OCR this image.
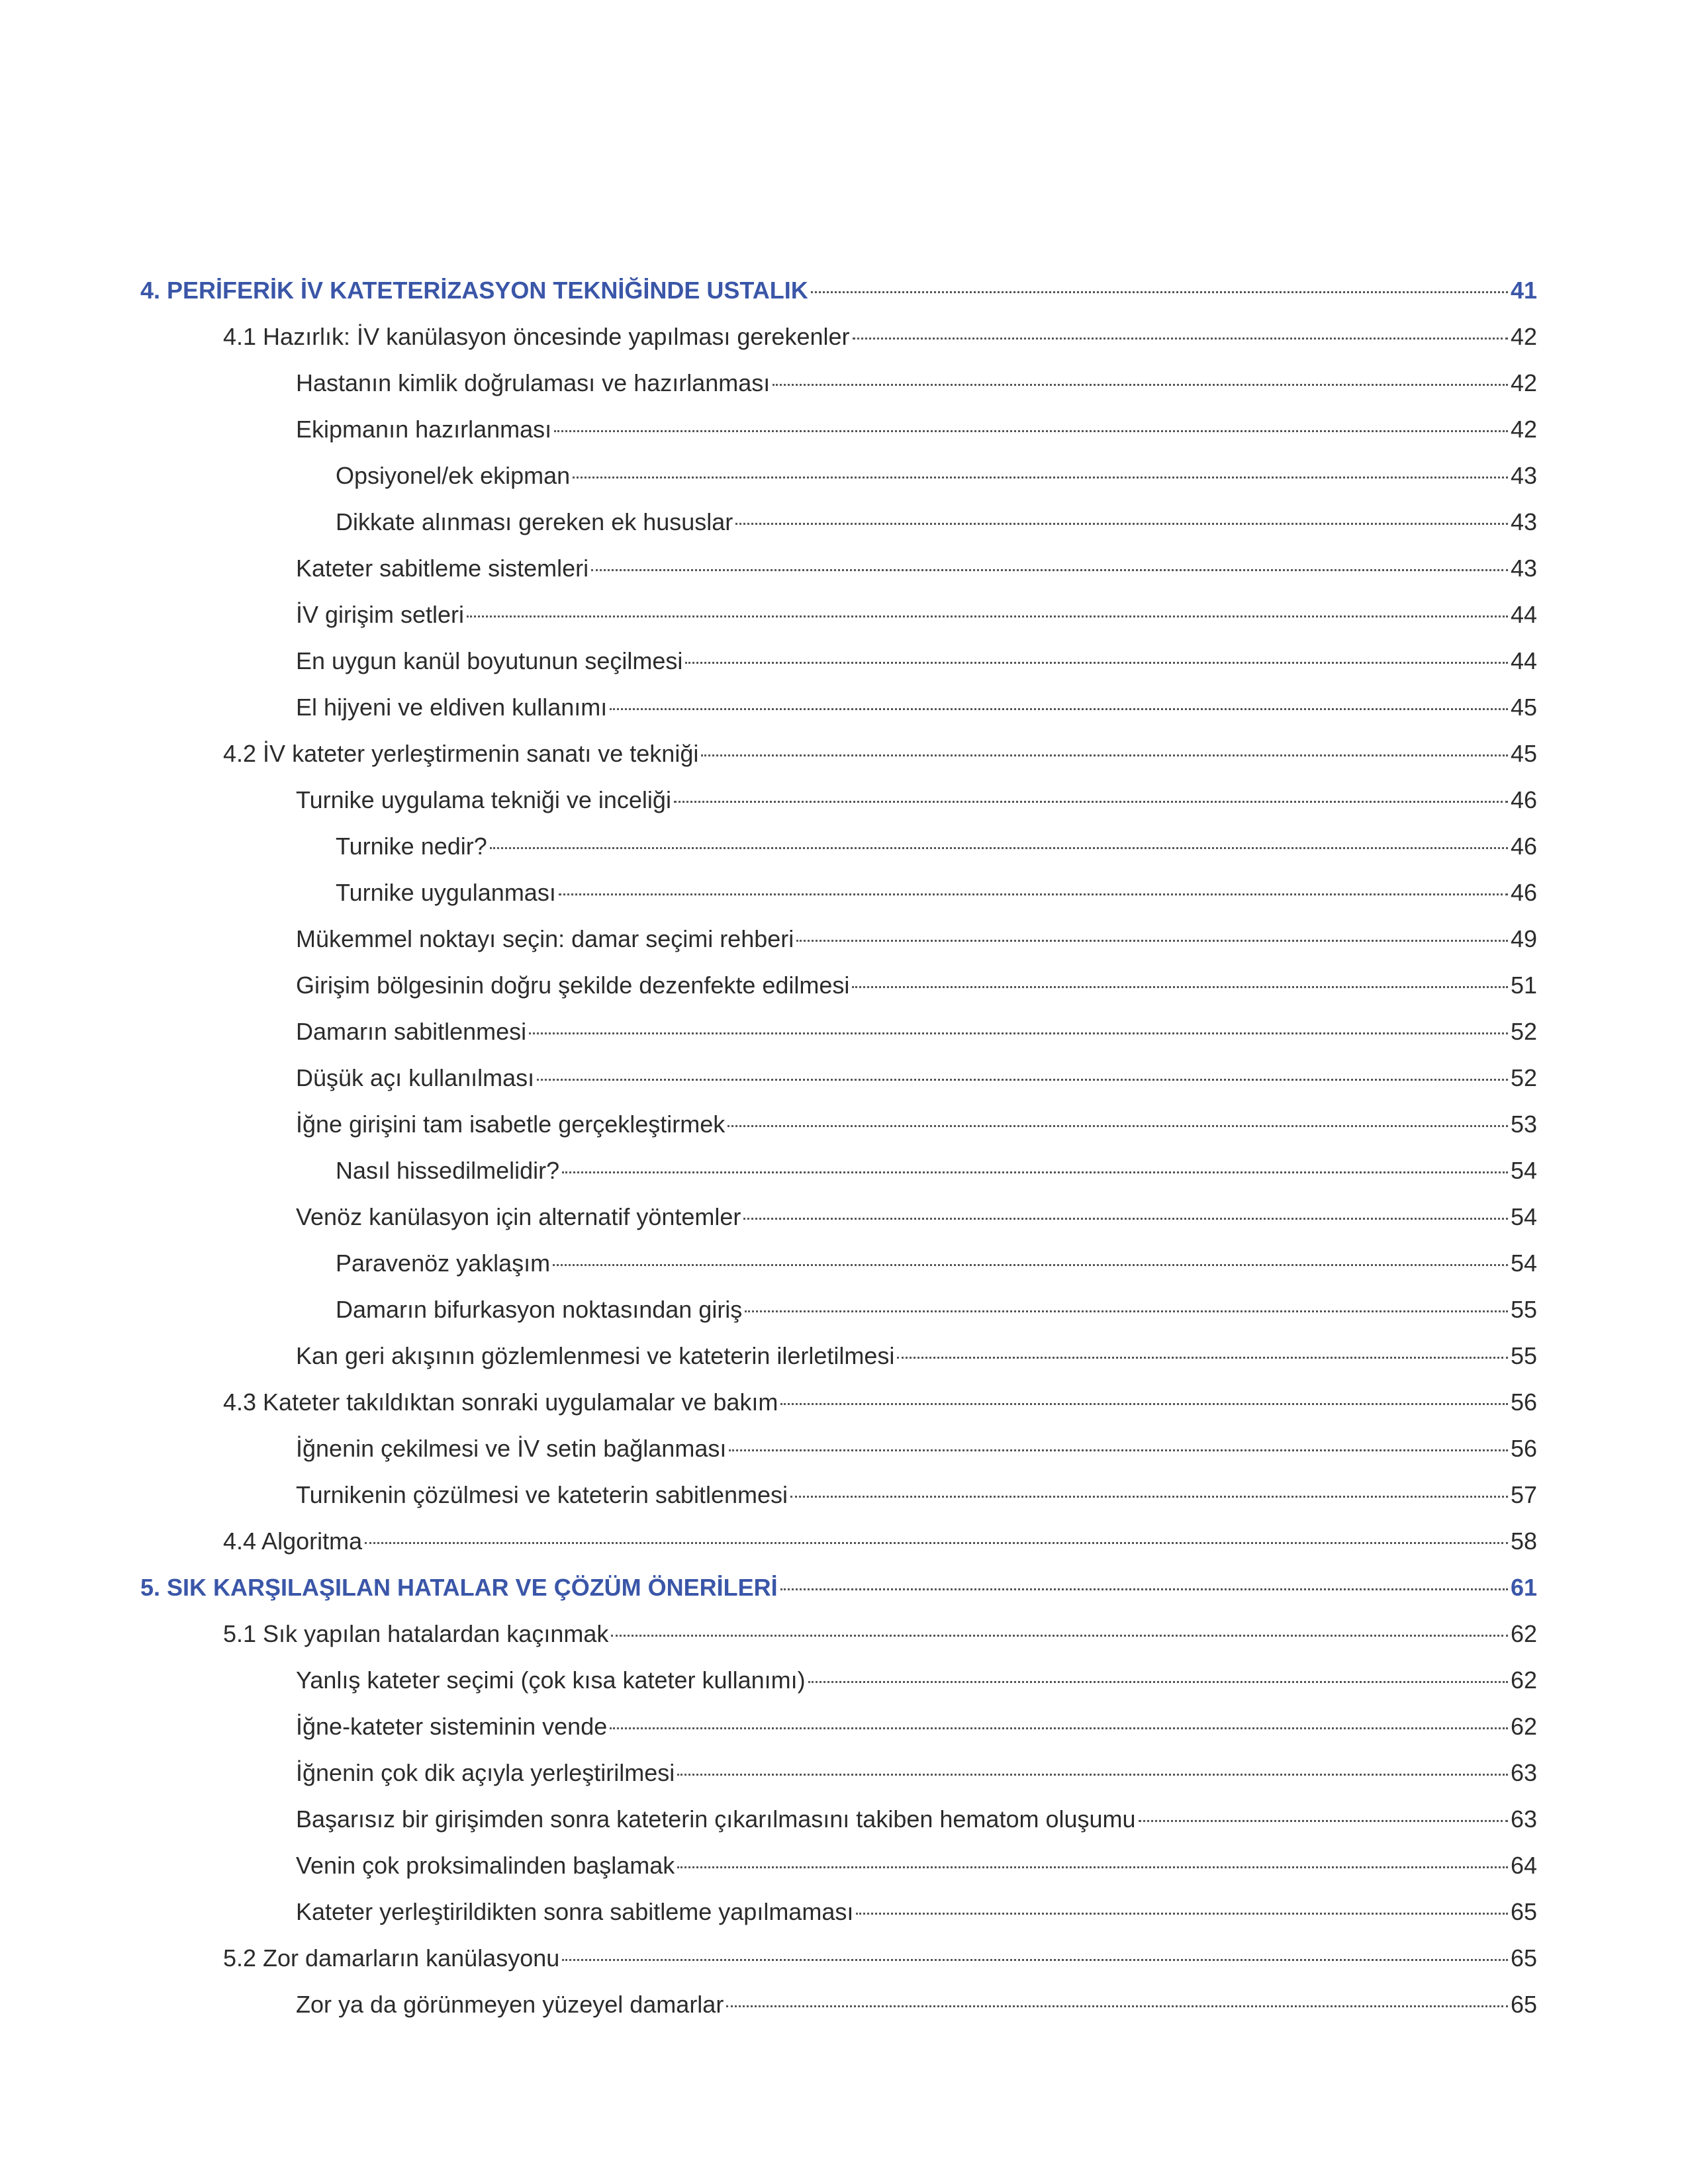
4. PERİFERİK İV KATETERİZASYON TEKNİĞİNDE USTALIK	41
4.1 Hazırlık: İV kanülasyon öncesinde yapılması gerekenler	42
Hastanın kimlik doğrulaması ve hazırlanması	42
Ekipmanın hazırlanması	42
Opsiyonel/ek ekipman	43
Dikkate alınması gereken ek hususlar	43
Kateter sabitleme sistemleri	43
İV girişim setleri	44
En uygun kanül boyutunun seçilmesi	44
El hijyeni ve eldiven kullanımı	45
4.2 İV kateter yerleştirmenin sanatı ve tekniği	45
Turnike uygulama tekniği ve inceliği	46
Turnike nedir?	46
Turnike uygulanması	46
Mükemmel noktayı seçin: damar seçimi rehberi	49
Girişim bölgesinin doğru şekilde dezenfekte edilmesi	51
Damarın sabitlenmesi	52
Düşük açı kullanılması	52
İğne girişini tam isabetle gerçekleştirmek	53
Nasıl hissedilmelidir?	54
Venöz kanülasyon için alternatif yöntemler	54
Paravenöz yaklaşım	54
Damarın bifurkasyon noktasından giriş	55
Kan geri akışının gözlemlenmesi ve kateterin ilerletilmesi	55
4.3 Kateter takıldıktan sonraki uygulamalar ve bakım	56
İğnenin çekilmesi ve İV setin bağlanması	56
Turnikenin çözülmesi ve kateterin sabitlenmesi	57
4.4 Algoritma	58
5. SIK KARŞILAŞILAN HATALAR VE ÇÖZÜM ÖNERİLERİ	61
5.1 Sık yapılan hatalardan kaçınmak	62
Yanlış kateter seçimi (çok kısa kateter kullanımı)	62
İğne-kateter sisteminin vende	62
İğnenin çok dik açıyla yerleştirilmesi	63
Başarısız bir girişimden sonra kateterin çıkarılmasını takiben hematom oluşumu	63
Venin çok proksimalinden başlamak	64
Kateter yerleştirildikten sonra sabitleme yapılmaması	65
5.2 Zor damarların kanülasyonu	65
Zor ya da görünmeyen yüzeyel damarlar	65
